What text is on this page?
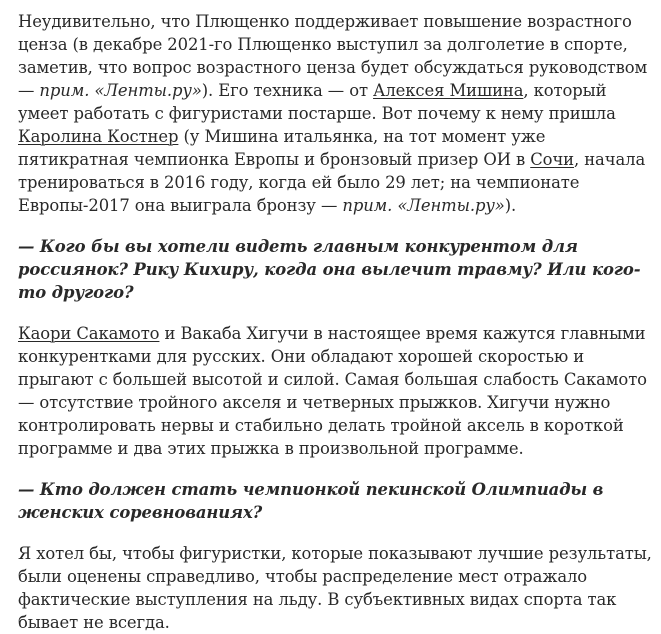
Неудивительно, что Плющенко поддерживает повышение возрастного ценза (в декабре 2021-го Плющенко выступил за долголетие в спорте, заметив, что вопрос возрастного ценза будет обсуждаться руководством — прим. «Ленты.ру»). Его техника — от Алексея Мишина, который умеет работать с фигуристами постарше. Вот почему к нему пришла Каролина Костнер (у Мишина итальянка, на тот момент уже пятикратная чемпионка Европы и бронзовый призер ОИ в Сочи, начала тренироваться в 2016 году, когда ей было 29 лет; на чемпионате Европы-2017 она выиграла бронзу — прим. «Ленты.ру»).

— Кого бы вы хотели видеть главным конкурентом для россиянок? Рику Кихиру, когда она вылечит травму? Или кого-то другого?

Каори Сакамото и Вакаба Хигучи в настоящее время кажутся главными конкурентками для русских. Они обладают хорошей скоростью и прыгают с большей высотой и силой. Самая большая слабость Сакамото — отсутствие тройного акселя и четверных прыжков. Хигучи нужно контролировать нервы и стабильно делать тройной аксель в короткой программе и два этих прыжка в произвольной программе.

— Кто должен стать чемпионкой пекинской Олимпиады в женских соревнованиях?

Я хотел бы, чтобы фигуристки, которые показывают лучшие результаты, были оценены справедливо, чтобы распределение мест отражало фактические выступления на льду. В субъективных видах спорта так бывает не всегда.
